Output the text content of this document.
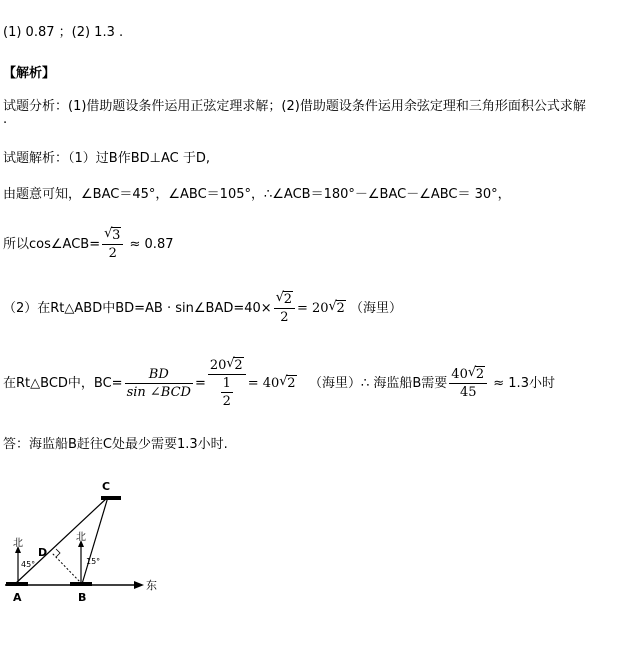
(1) 0.87 ；(2) 1.3 .
【解析】
试题分析：(1)借助题设条件运用正弦定理求解；(2)借助题设条件运用余弦定理和三角形面积公式求解
.
试题解析：（1）过B作BD⊥AC 于D,
由题意可知，∠BAC＝45°，∠ABC＝105°，∴∠ACB＝180°－∠BAC－∠ABC＝ 30°，
所以cos∠ACB=
√ $\frac{3}{2} \approx 0.87$
（2）在Rt△ABD中BD=AB · sin∠BAD=40×
√ $\frac{2}{2} = 20√$ 2 （海里）
在Rt△BCD中，$BC= \frac{BD}{\text{sin ∠BCD}} = \frac{20√ 2}{\frac{1}{2}} = 40√$ 2 （海里）∴ 海监船B需要 $\frac{40√ 2}{45} \approx 1.3$小时
答：海监船B赶往C处最少需要1.3小时.
东
北
北
45°	15°
C
D
A	B
